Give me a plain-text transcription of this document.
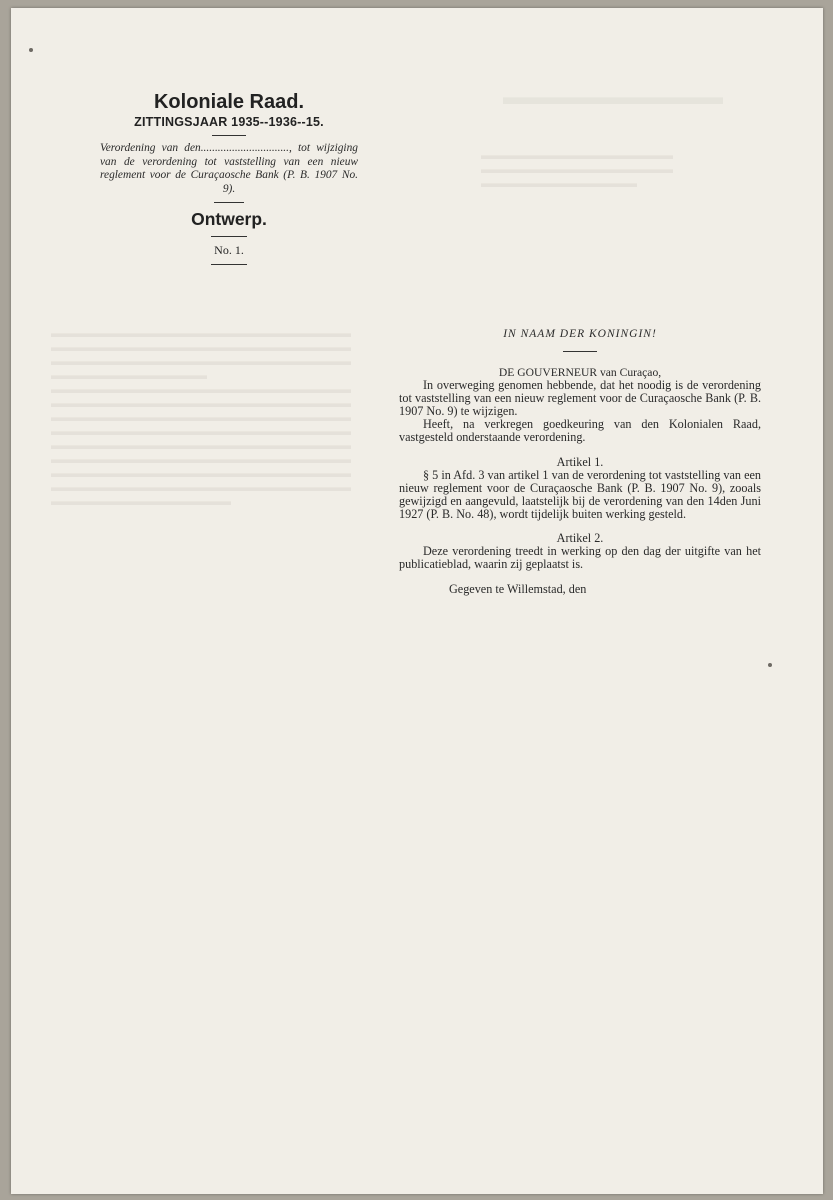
▬▬▬▬▬▬▬▬▬▬
▬▬▬▬▬▬▬▬▬▬▬▬▬▬▬▬
▬▬▬▬▬▬▬▬▬▬▬▬▬▬▬▬
▬▬▬▬▬▬▬▬▬▬▬▬▬
▬▬▬▬▬▬▬▬▬▬▬▬▬▬▬▬▬▬▬▬▬▬▬▬▬
▬▬▬▬▬▬▬▬▬▬▬▬▬▬▬▬▬▬▬▬▬▬▬▬▬
▬▬▬▬▬▬▬▬▬▬▬▬▬▬▬▬▬▬▬▬▬▬▬▬▬
▬▬▬▬▬▬▬▬▬▬▬▬▬
▬▬▬▬▬▬▬▬▬▬▬▬▬▬▬▬▬▬▬▬▬▬▬▬▬
▬▬▬▬▬▬▬▬▬▬▬▬▬▬▬▬▬▬▬▬▬▬▬▬▬
▬▬▬▬▬▬▬▬▬▬▬▬▬▬▬▬▬▬▬▬▬▬▬▬▬
▬▬▬▬▬▬▬▬▬▬▬▬▬▬▬▬▬▬▬▬▬▬▬▬▬
▬▬▬▬▬▬▬▬▬▬▬▬▬▬▬▬▬▬▬▬▬▬▬▬▬
▬▬▬▬▬▬▬▬▬▬▬▬▬▬▬▬▬▬▬▬▬▬▬▬▬
▬▬▬▬▬▬▬▬▬▬▬▬▬▬▬▬▬▬▬▬▬▬▬▬▬
▬▬▬▬▬▬▬▬▬▬▬▬▬▬▬▬▬▬▬▬▬▬▬▬▬
▬▬▬▬▬▬▬▬▬▬▬▬▬▬▬
Koloniale Raad.
ZITTINGSJAAR 1935--1936--15.
Verordening van den..............................., tot wijziging van de verordening tot vaststelling van een nieuw reglement voor de Curaçaosche Bank (P. B. 1907 No. 9).
Ontwerp.
No. 1.
IN NAAM DER KONINGIN!
DE GOUVERNEUR van Curaçao,

In overweging genomen hebbende, dat het noodig is de verordening tot vaststelling van een nieuw reglement voor de Curaçaosche Bank (P. B. 1907 No. 9) te wijzigen.

Heeft, na verkregen goedkeuring van den Kolonialen Raad, vastgesteld onderstaande verordening.

Artikel 1.

§ 5 in Afd. 3 van artikel 1 van de verordening tot vaststelling van een nieuw reglement voor de Curaçaosche Bank (P. B. 1907 No. 9), zooals gewijzigd en aangevuld, laatstelijk bij de verordening van den 14den Juni 1927 (P. B. No. 48), wordt tijdelijk buiten werking gesteld.

Artikel 2.

Deze verordening treedt in werking op den dag der uitgifte van het publicatieblad, waarin zij geplaatst is.

Gegeven te Willemstad, den
